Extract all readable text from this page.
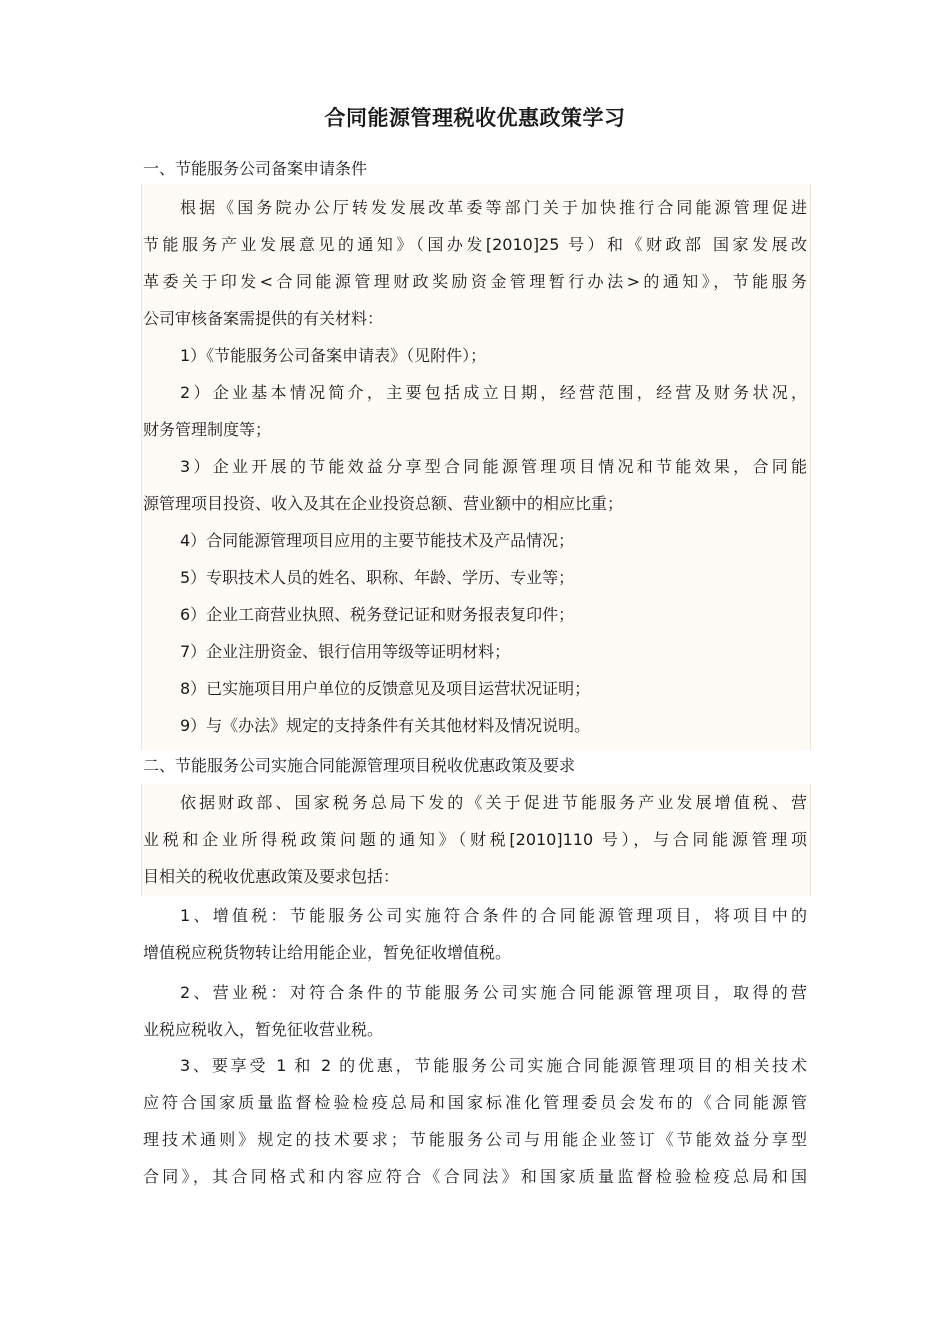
合同能源管理税收优惠政策学习
一、节能服务公司备案申请条件
根据《国务院办公厅转发发展改革委等部门关于加快推行合同能源管理促进
节能服务产业发展意见的通知》（国办发[2010]25 号）和《财政部 国家发展改
革委关于印发<合同能源管理财政奖励资金管理暂行办法>的通知》，节能服务
公司审核备案需提供的有关材料：
1）《节能服务公司备案申请表》（见附件）；
2）企业基本情况简介，主要包括成立日期，经营范围，经营及财务状况，
财务管理制度等；
3）企业开展的节能效益分享型合同能源管理项目情况和节能效果，合同能
源管理项目投资、收入及其在企业投资总额、营业额中的相应比重；
4）合同能源管理项目应用的主要节能技术及产品情况；
5）专职技术人员的姓名、职称、年龄、学历、专业等；
6）企业工商营业执照、税务登记证和财务报表复印件；
7）企业注册资金、银行信用等级等证明材料；
8）已实施项目用户单位的反馈意见及项目运营状况证明；
9）与《办法》规定的支持条件有关其他材料及情况说明。
二、节能服务公司实施合同能源管理项目税收优惠政策及要求
依据财政部、国家税务总局下发的《关于促进节能服务产业发展增值税、营
业税和企业所得税政策问题的通知》（财税[2010]110 号），与合同能源管理项
目相关的税收优惠政策及要求包括：
1、增值税：节能服务公司实施符合条件的合同能源管理项目，将项目中的
增值税应税货物转让给用能企业，暂免征收增值税。
2、营业税：对符合条件的节能服务公司实施合同能源管理项目，取得的营
业税应税收入，暂免征收营业税。
3、要享受 1 和 2 的优惠，节能服务公司实施合同能源管理项目的相关技术
应符合国家质量监督检验检疫总局和国家标准化管理委员会发布的《合同能源管
理技术通则》规定的技术要求；节能服务公司与用能企业签订《节能效益分享型
合同》，其合同格式和内容应符合《合同法》和国家质量监督检验检疫总局和国
